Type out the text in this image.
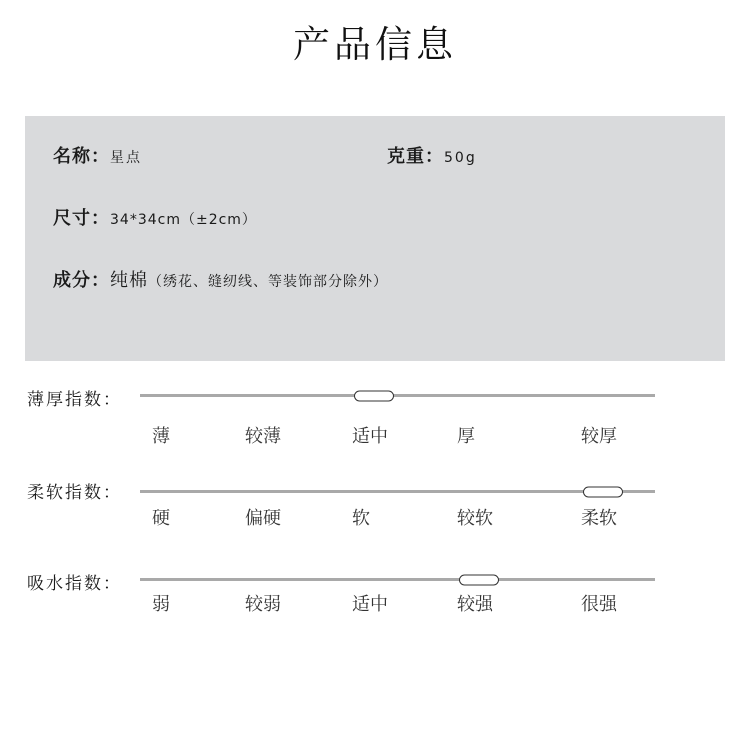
产品信息
名称：星点	克重：50g
尺寸：34*34cm（±2cm）
成分：纯棉（绣花、缝纫线、等装饰部分除外）
薄厚指数：
薄	较薄	适中	厚	较厚
柔软指数：
硬	偏硬	软	较软	柔软
吸水指数：
弱	较弱	适中	较强	很强
